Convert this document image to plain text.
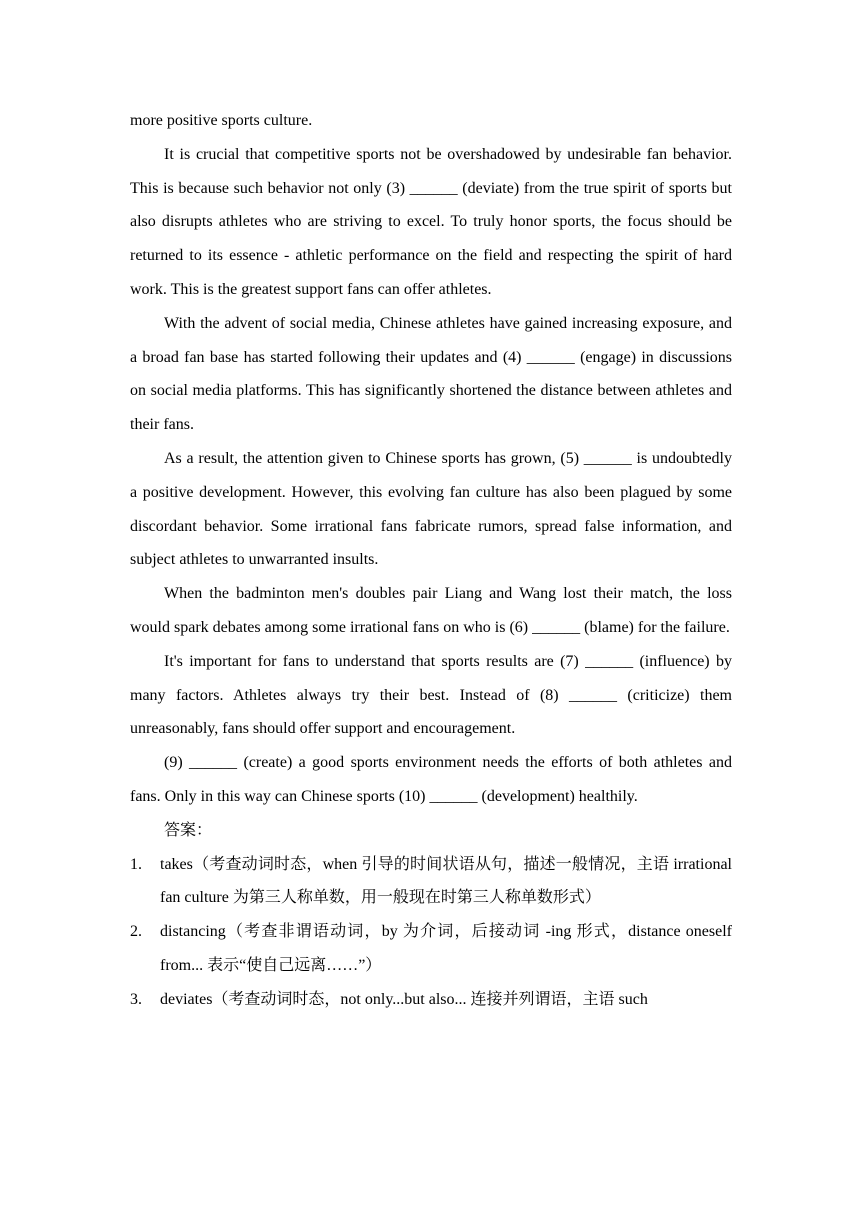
more positive sports culture.

It is crucial that competitive sports not be overshadowed by undesirable fan behavior. This is because such behavior not only (3) ______ (deviate) from the true spirit of sports but also disrupts athletes who are striving to excel. To truly honor sports, the focus should be returned to its essence - athletic performance on the field and respecting the spirit of hard work. This is the greatest support fans can offer athletes.

With the advent of social media, Chinese athletes have gained increasing exposure, and a broad fan base has started following their updates and (4) ______ (engage) in discussions on social media platforms. This has significantly shortened the distance between athletes and their fans.

As a result, the attention given to Chinese sports has grown, (5) ______ is undoubtedly a positive development. However, this evolving fan culture has also been plagued by some discordant behavior. Some irrational fans fabricate rumors, spread false information, and subject athletes to unwarranted insults.

When the badminton men's doubles pair Liang and Wang lost their match, the loss would spark debates among some irrational fans on who is (6) ______ (blame) for the failure.

It's important for fans to understand that sports results are (7) ______ (influence) by many factors. Athletes always try their best. Instead of (8) ______ (criticize) them unreasonably, fans should offer support and encouragement.

(9) ______ (create) a good sports environment needs the efforts of both athletes and fans. Only in this way can Chinese sports (10) ______ (development) healthily.

答案：

1. takes（考查动词时态，when 引导的时间状语从句，描述一般情况，主语 irrational fan culture 为第三人称单数，用一般现在时第三人称单数形式）
2. distancing（考查非谓语动词，by 为介词，后接动词 -ing 形式，distance oneself from... 表示“使自己远离……”）
3. deviates（考查动词时态，not only...but also... 连接并列谓语，主语 such
